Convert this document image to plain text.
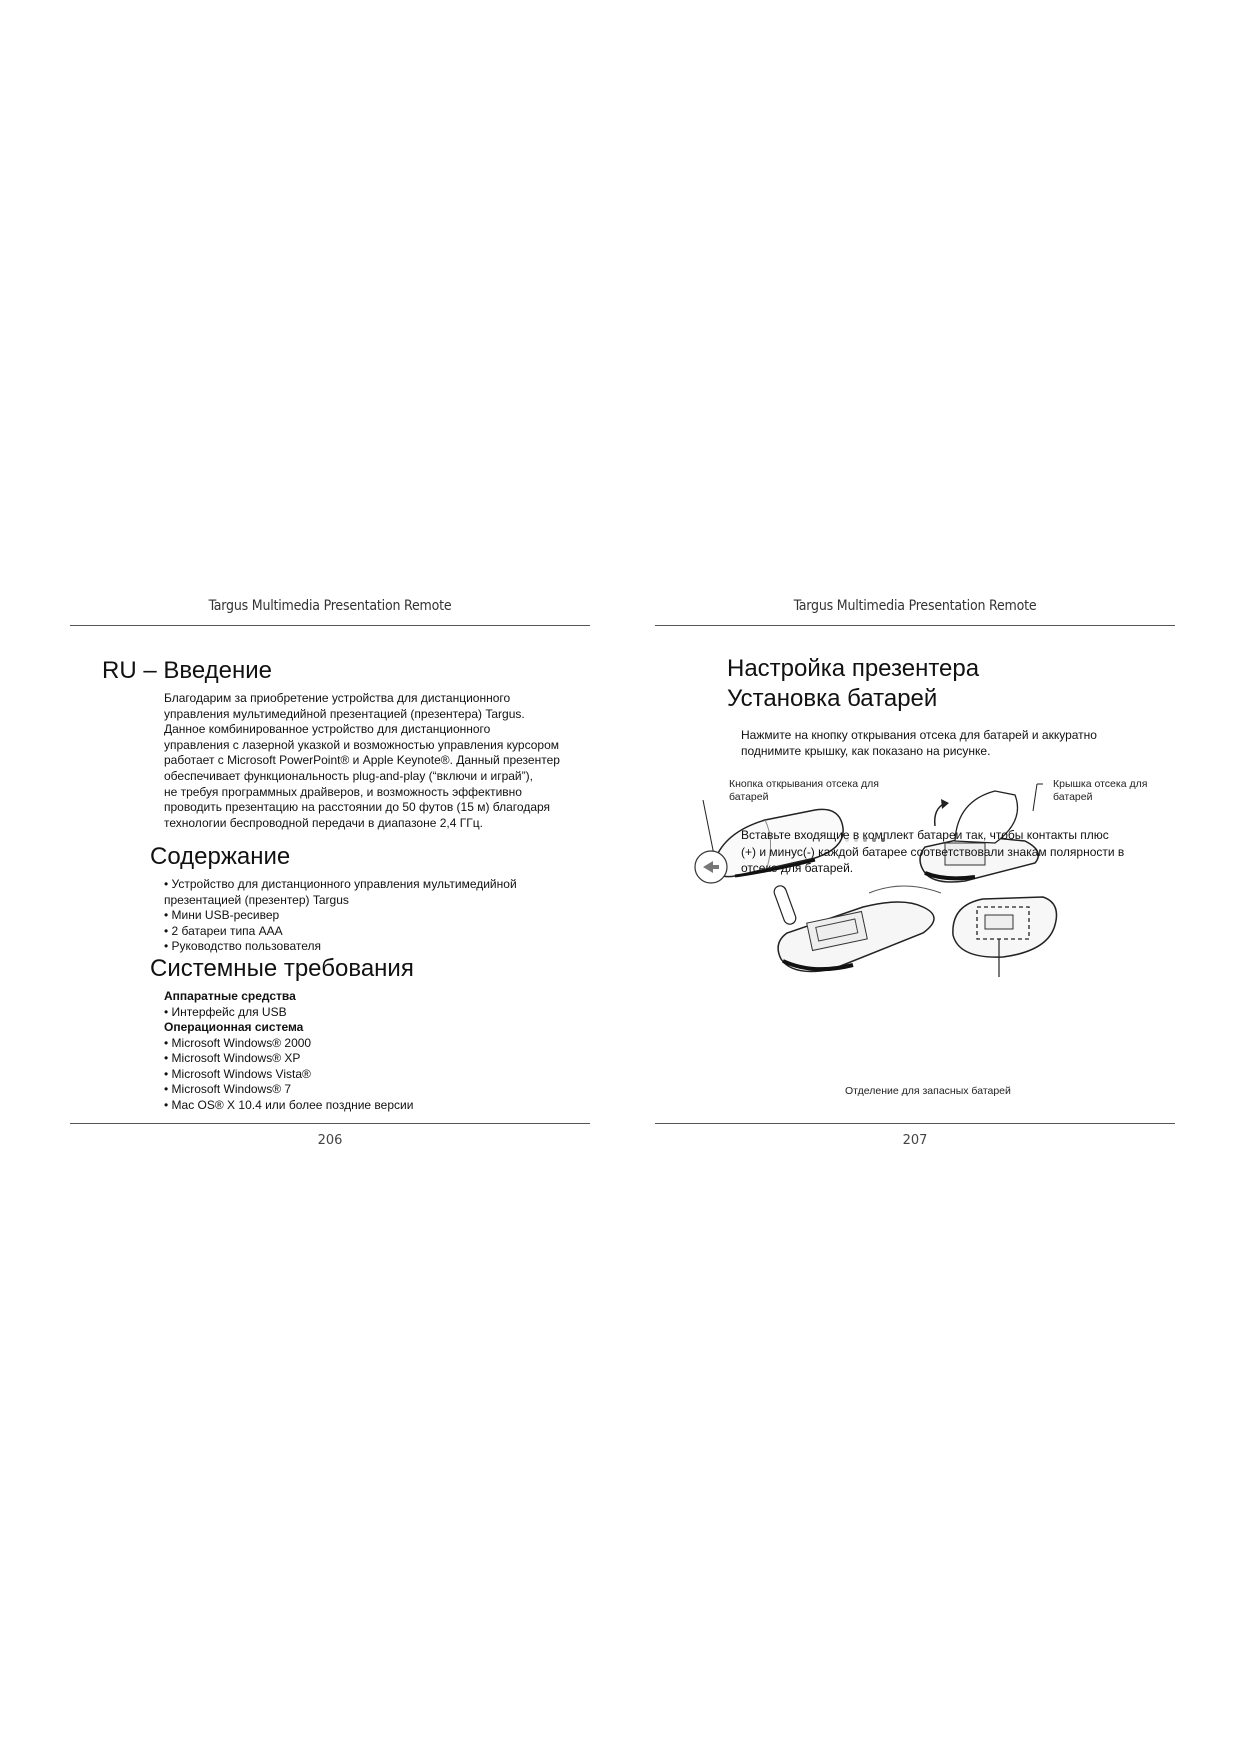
Targus Multimedia Presentation Remote
RU – Введение

Благодарим за приобретение устройства для дистанционного

управления мультимедийной презентацией (презентера) Targus.

Данное комбинированное устройство для дистанционного

управления с лазерной указкой и возможностью управления курсором

работает с Microsoft PowerPoint® и Apple Keynote®. Данный презентер

обеспечивает функциональность plug-and-play (“включи и играй”),

не требуя программных драйверов, и возможность эффективно

проводить презентацию на расстоянии до 50 футов (15 м) благодаря

технологии беспроводной передачи в диапазоне 2,4 ГГц.

Содержание
• Устройство для дистанционного управления мультимедийной
презентацией (презентер) Targus
• Мини USB-ресивер
• 2 батареи типа AAA
• Руководство пользователя
Системные требования
Аппаратные средства
• Интерфейс для USB
Операционная система
• Microsoft Windows® 2000
• Microsoft Windows® XP
• Microsoft Windows Vista®
• Microsoft Windows® 7
• Mac OS® X 10.4 или более поздние версии
206
Targus Multimedia Presentation Remote
Настройка презентера
Установка батарей

Нажмите на кнопку открывания отсека для батарей и аккуратно

поднимите крышку, как показано на рисунке.

Кнопка открывания отсека для
батарей
Крышка отсека для
батарей

Вставьте входящие в комплект батареи так, чтобы контакты плюс

(+) и минус(-) каждой батарее соответствовали знакам полярности в

отсеке для батарей.

Отделение для запасных батарей
207
